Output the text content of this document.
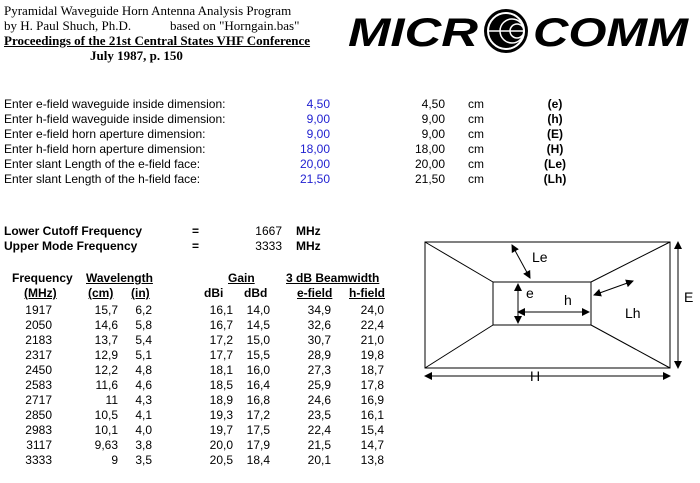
Pyramidal Waveguide Horn Antenna Analysis Program
by H. Paul Shuch, Ph.D.	based on "Horngain.bas"
Proceedings of the 21st Central States VHF Conference
July 1987, p. 150
MICR COMM
Enter e-field waveguide inside dimension:	4,50	4,50 cm	(e)
Enter h-field waveguide inside dimension:	9,00	9,00 cm	(h)
Enter e-field horn aperture dimension:	9,00	9,00 cm	(E)
Enter h-field horn aperture dimension:	18,00	18,00 cm	(H)
Enter slant Length of the e-field face:	20,00	20,00 cm	(Le)
Enter slant Length of the h-field face:	21,50	21,50 cm	(Lh)
Lower Cutoff Frequency	=	1667 MHz
Upper Mode Frequency	=	3333 MHz
Frequency Wavelength	Gain	3 dB Beamwidth
(MHz)	(cm) (in)	dBi dBd e-field h-field
1917	15,7	6,2	16,1	14,0	34,9	24,0
2050	14,6	5,8	16,7	14,5	32,6	22,4
2183	13,7	5,4	17,2	15,0	30,7	21,0
2317	12,9	5,1	17,7	15,5	28,9	19,8
2450	12,2	4,8	18,1	16,0	27,3	18,7
2583	11,6	4,6	18,5	16,4	25,9	17,8
2717	11	4,3	18,9	16,8	24,6	16,9
2850	10,5	4,1	19,3	17,2	23,5	16,1
2983	10,1	4,0	19,7	17,5	22,4	15,4
3117	9,63	3,8	20,0	17,9	21,5	14,7
3333	9	3,5	20,5	18,4	20,1	13,8
Le
e h
Lh
E
H
